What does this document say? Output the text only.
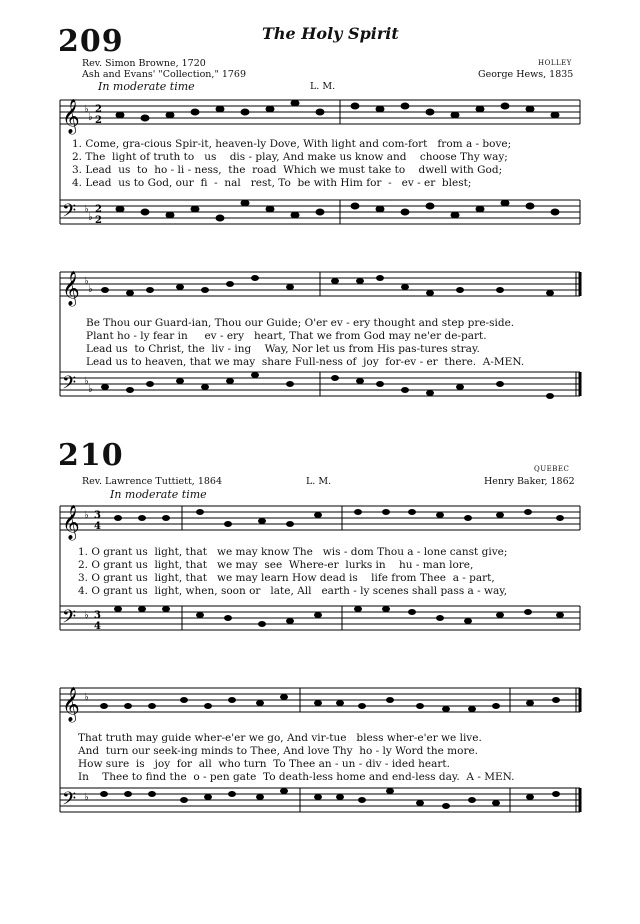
209	The Holy Spirit
Rev. Simon Browne, 1720
Ash and Evans' "Collection," 1769
HOLLEY
George Hews, 1835
In moderate time	L. M.
𝄞
𝄢
♭
♭
♭
♭
2
2
2
2
1. Come, gra-cious Spir-it, heaven-ly Dove, With light and com-fort   from a - bove;
2. The  light of truth to   us    dis - play, And make us know and    choose Thy way;
3. Lead  us  to  ho - li - ness,  the  road  Which we must take to    dwell with God;
4. Lead  us to God, our  fi  -  nal   rest, To  be with Him for  -   ev - er  blest;
𝄞
𝄢
♭
♭
♭
♭
Be Thou our Guard-ian, Thou our Guide; O'er ev - ery thought and step pre-side.
Plant ho - ly fear in     ev - ery   heart, That we from God may ne'er de-part.
Lead us  to Christ, the  liv - ing    Way, Nor let us from His pas-tures stray.
Lead us to heaven, that we may  share Full-ness of  joy  for-ev - er  there.  A-MEN.
210	QUEBEC
Rev. Lawrence Tuttiett, 1864	L. M.	Henry Baker, 1862
In moderate time
𝄞
𝄢
♭
♭
3
4
3
4
1. O grant us  light, that   we may know The   wis - dom Thou a - lone canst give;
2. O grant us  light, that   we may  see  Where-er  lurks in    hu - man lore,
3. O grant us  light, that   we may learn How dead is    life from Thee  a - part,
4. O grant us  light, when, soon or   late, All   earth - ly scenes shall pass a - way,
𝄞
𝄢
♭
♭
That truth may guide wher-e'er we go, And vir-tue   bless wher-e'er we live.
And  turn our seek-ing minds to Thee, And love Thy  ho - ly Word the more.
How sure  is   joy  for  all  who turn  To Thee an - un - div - ided heart.
In    Thee to find the  o - pen gate  To death-less home and end-less day.  A - MEN.
